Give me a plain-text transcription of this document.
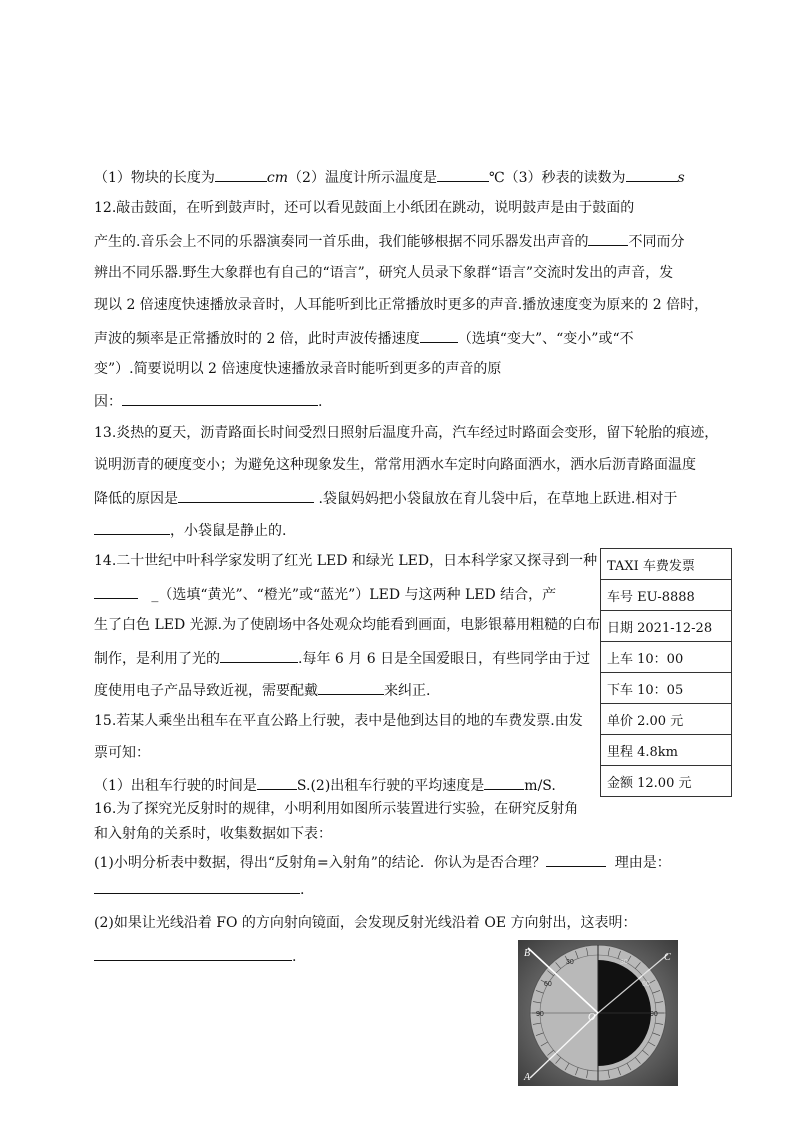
（1）物块的长度为	cm（2）温度计所示温度是	℃（3）秒表的读数为	s
12.敲击鼓面，在听到鼓声时，还可以看见鼓面上小纸团在跳动，说明鼓声是由于鼓面的
产生的.音乐会上不同的乐器演奏同一首乐曲，我们能够根据不同乐器发出声音的	不同而分
辨出不同乐器.野生大象群也有自己的“语言”，研究人员录下象群“语言”交流时发出的声音，发
现以 2 倍速度快速播放录音时，人耳能听到比正常播放时更多的声音.播放速度变为原来的 2 倍时，
声波的频率是正常播放时的 2 倍，此时声波传播速度	（选填“变大”、“变小”或“不
变”）.简要说明以 2 倍速度快速播放录音时能听到更多的声音的原
因：	.
13.炎热的夏天，沥青路面长时间受烈日照射后温度升高，汽车经过时路面会变形，留下轮胎的痕迹，
说明沥青的硬度变小；为避免这种现象发生，常常用洒水车定时向路面洒水，洒水后沥青路面温度
降低的原因是	.袋鼠妈妈把小袋鼠放在育儿袋中后，在草地上跃进.相对于
，小袋鼠是静止的.
14.二十世纪中叶科学家发明了红光 LED 和绿光 LED，日本科学家又探寻到一种
_（选填“黄光”、“橙光”或“蓝光”）LED 与这两种 LED 结合，产
生了白色 LED 光源.为了使剧场中各处观众均能看到画面，电影银幕用粗糙的白布
制作，是利用了光的	.每年 6 月 6 日是全国爱眼日，有些同学由于过
度使用电子产品导致近视，需要配戴	来纠正.
15.若某人乘坐出租车在平直公路上行驶，表中是他到达目的地的车费发票.由发
票可知：
（1）出租车行驶的时间是	S.(2)出租车行驶的平均速度是	m/S.
16.为了探究光反射时的规律，小明利用如图所示装置进行实验，在研究反射角
和入射角的关系时，收集数据如下表：
(1)小明分析表中数据，得出“反射角=入射角”的结论．你认为是否合理？	理由是：
.
(2)如果让光线沿着 FO 的方向射向镜面，会发现反射光线沿着 OE 方向射出，这表明：
.
TAXI 车费发票
车号 EU-8888
日期 2021-12-28
上车 10：00
下车 10：05
单价 2.00 元
里程 4.8km
金额 12.00 元
B	C
A
O
30	30
60	60
90	90
